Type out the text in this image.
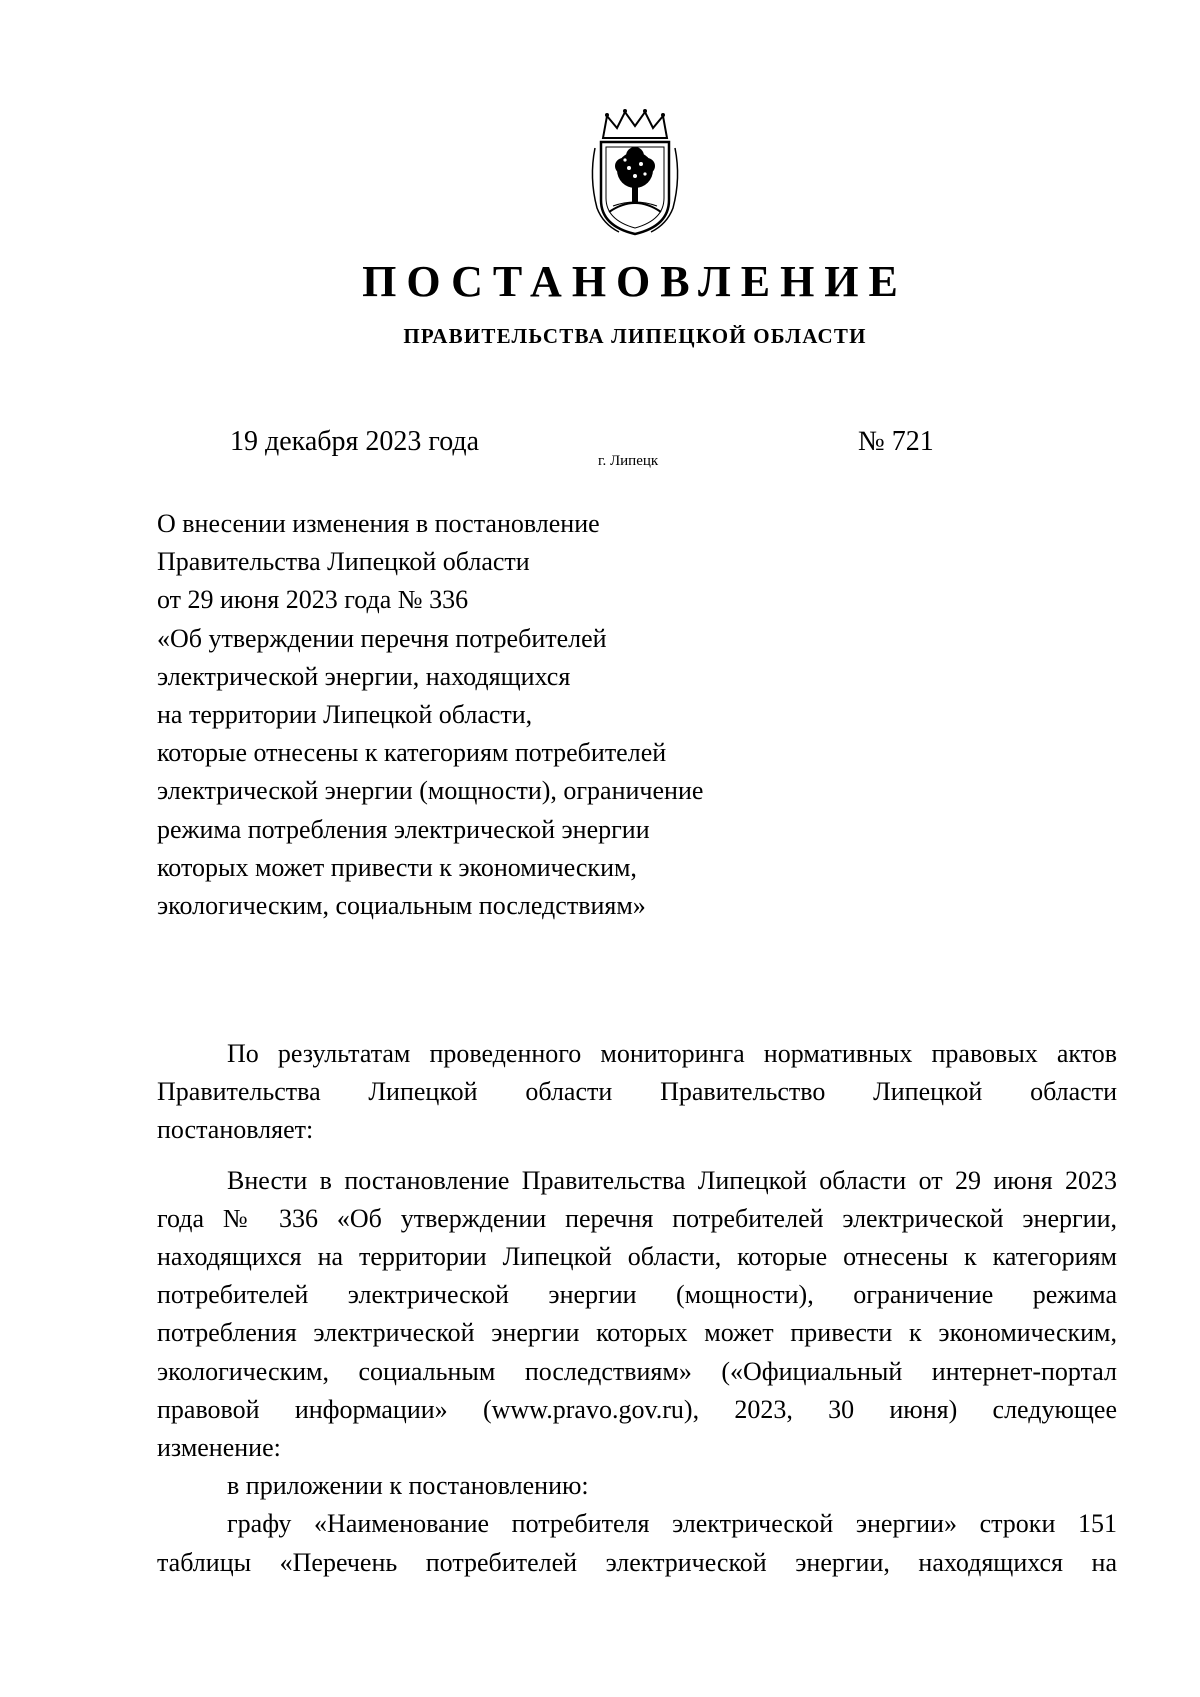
ПОСТАНОВЛЕНИЕ
ПРАВИТЕЛЬСТВА ЛИПЕЦКОЙ ОБЛАСТИ
19 декабря 2023 года
г. Липецк
№ 721
О внесении изменения в постановление
Правительства Липецкой области
от 29 июня 2023 года № 336
«Об утверждении перечня потребителей
электрической энергии, находящихся
на территории Липецкой области,
которые отнесены к категориям потребителей
электрической энергии (мощности), ограничение
режима потребления электрической энергии
которых может привести к экономическим,
экологическим, социальным последствиям»
По результатам проведенного мониторинга нормативных правовых актов
Правительства Липецкой области Правительство Липецкой области
постановляет:
Внести в постановление Правительства Липецкой области от 29 июня 2023
года № 336 «Об утверждении перечня потребителей электрической энергии,
находящихся на территории Липецкой области, которые отнесены к категориям
потребителей электрической энергии (мощности), ограничение режима
потребления электрической энергии которых может привести к экономическим,
экологическим, социальным последствиям» («Официальный интернет-портал
правовой информации» (www.pravo.gov.ru), 2023, 30 июня) следующее
изменение:
в приложении к постановлению:
графу «Наименование потребителя электрической энергии» строки 151
таблицы «Перечень потребителей электрической энергии, находящихся на
